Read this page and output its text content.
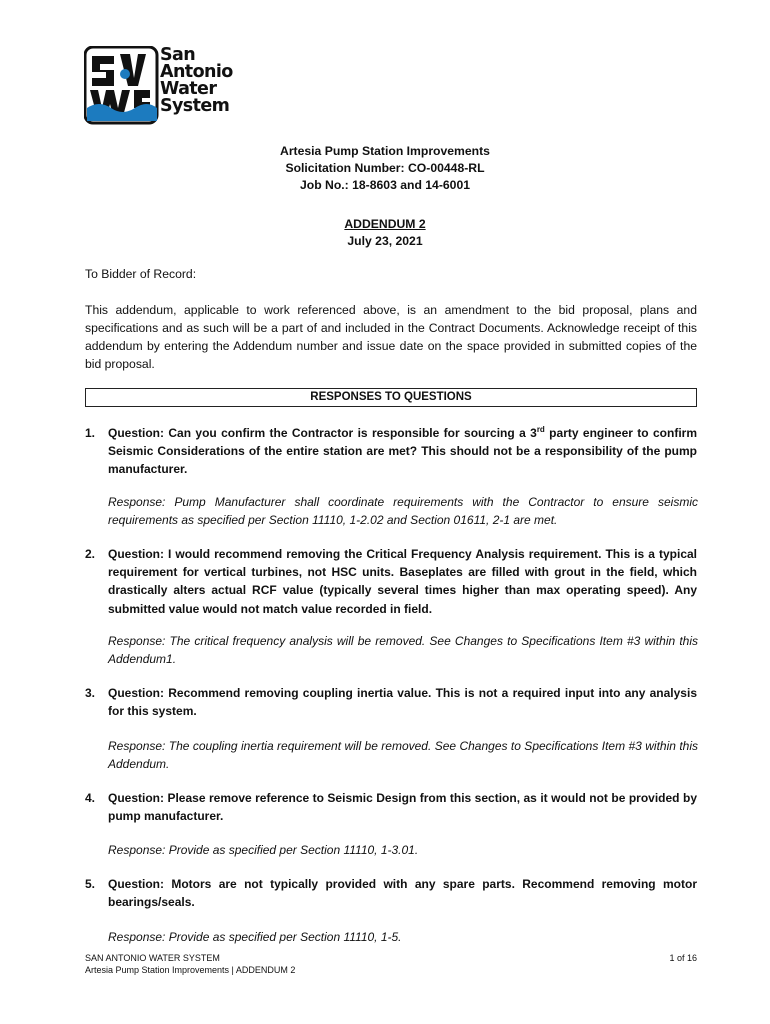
San
Antonio
Water
System
Artesia Pump Station Improvements
Solicitation Number: CO-00448-RL
Job No.: 18-8603 and 14-6001
ADDENDUM 2
July 23, 2021
To Bidder of Record:
This addendum, applicable to work referenced above, is an amendment to the bid proposal, plans and specifications and as such will be a part of and included in the Contract Documents. Acknowledge receipt of this addendum by entering the Addendum number and issue date on the space provided in submitted copies of the bid proposal.
RESPONSES TO QUESTIONS
1. Question: Can you confirm the Contractor is responsible for sourcing a 3rd party engineer to confirm Seismic Considerations of the entire station are met? This should not be a responsibility of the pump manufacturer.
Response: Pump Manufacturer shall coordinate requirements with the Contractor to ensure seismic requirements as specified per Section 11110, 1-2.02 and Section 01611, 2-1 are met.
2. Question: I would recommend removing the Critical Frequency Analysis requirement. This is a typical requirement for vertical turbines, not HSC units. Baseplates are filled with grout in the field, which drastically alters actual RCF value (typically several times higher than max operating speed). Any submitted value would not match value recorded in field.
Response: The critical frequency analysis will be removed. See Changes to Specifications Item #3 within this Addendum1.
3. Question: Recommend removing coupling inertia value. This is not a required input into any analysis for this system.
Response: The coupling inertia requirement will be removed. See Changes to Specifications Item #3 within this Addendum.
4. Question: Please remove reference to Seismic Design from this section, as it would not be provided by pump manufacturer.
Response: Provide as specified per Section 11110, 1-3.01.
5. Question: Motors are not typically provided with any spare parts. Recommend removing motor bearings/seals.
Response: Provide as specified per Section 11110, 1-5.
SAN ANTONIO WATER SYSTEM
Artesia Pump Station Improvements | ADDENDUM 2
1 of 16
